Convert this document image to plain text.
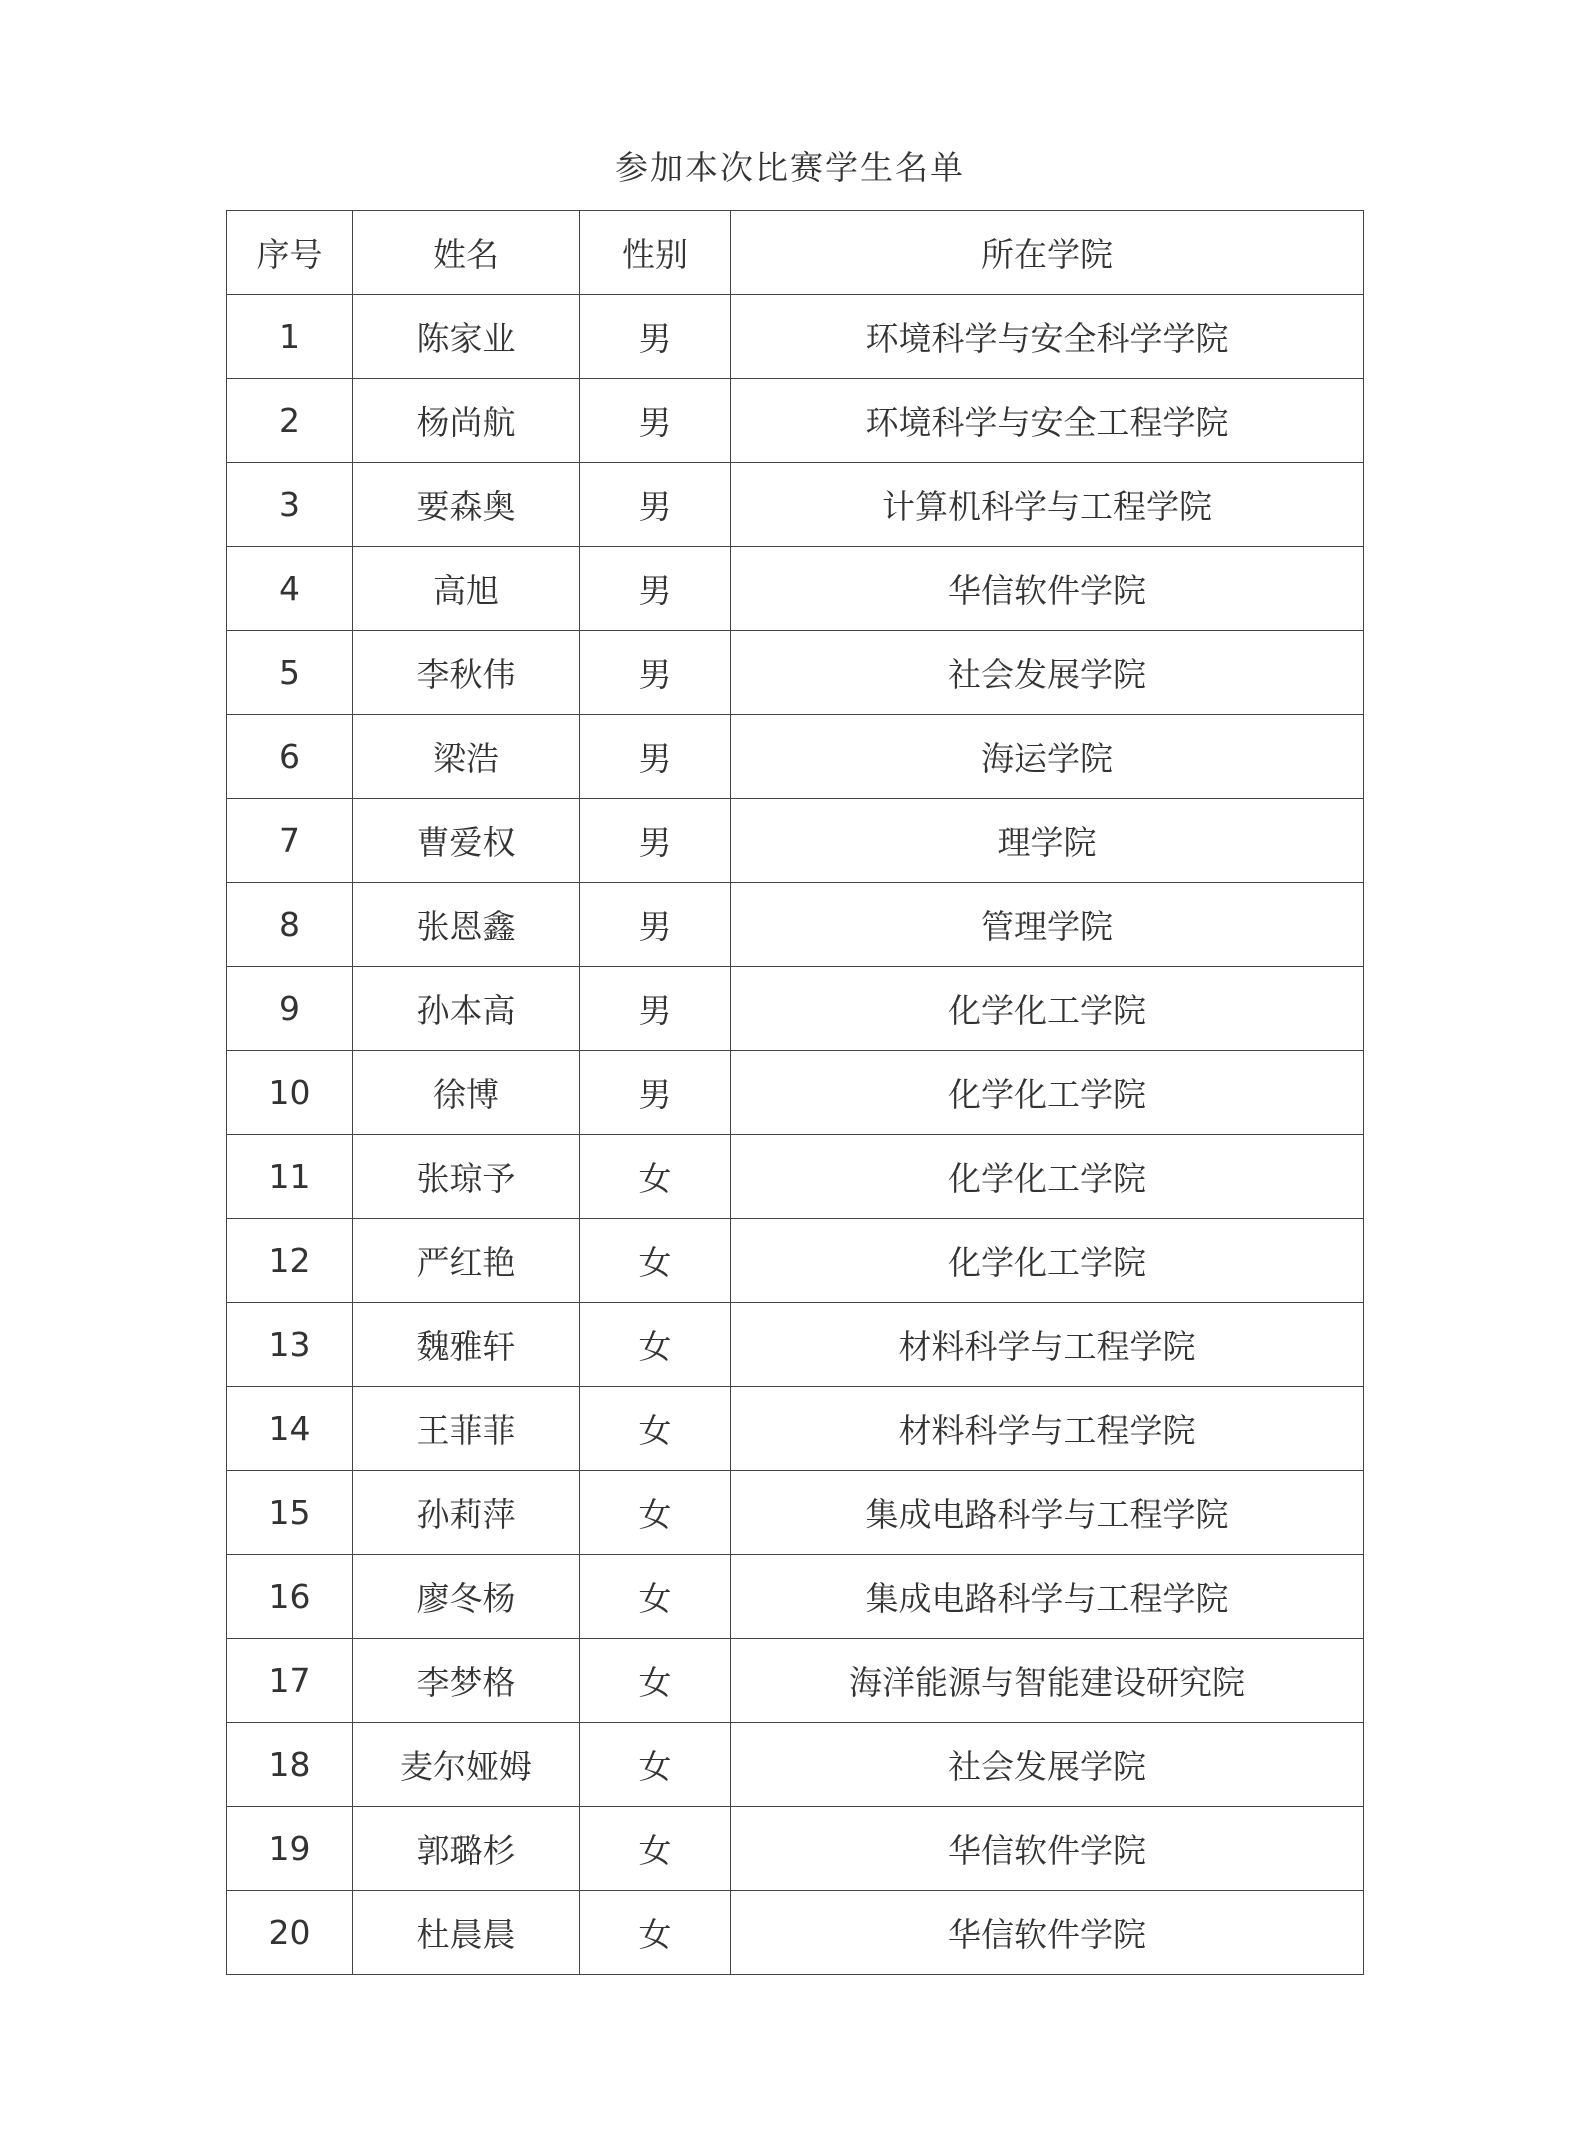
参加本次比赛学生名单
序号	姓名	性别	所在学院
1	陈家业	男	环境科学与安全科学学院
2	杨尚航	男	环境科学与安全工程学院
3	要森奥	男	计算机科学与工程学院
4	高旭	男	华信软件学院
5	李秋伟	男	社会发展学院
6	梁浩	男	海运学院
7	曹爱权	男	理学院
8	张恩鑫	男	管理学院
9	孙本高	男	化学化工学院
10	徐博	男	化学化工学院
11	张琼予	女	化学化工学院
12	严红艳	女	化学化工学院
13	魏雅轩	女	材料科学与工程学院
14	王菲菲	女	材料科学与工程学院
15	孙莉萍	女	集成电路科学与工程学院
16	廖冬杨	女	集成电路科学与工程学院
17	李梦格	女	海洋能源与智能建设研究院
18	麦尔娅姆	女	社会发展学院
19	郭璐杉	女	华信软件学院
20	杜晨晨	女	华信软件学院
